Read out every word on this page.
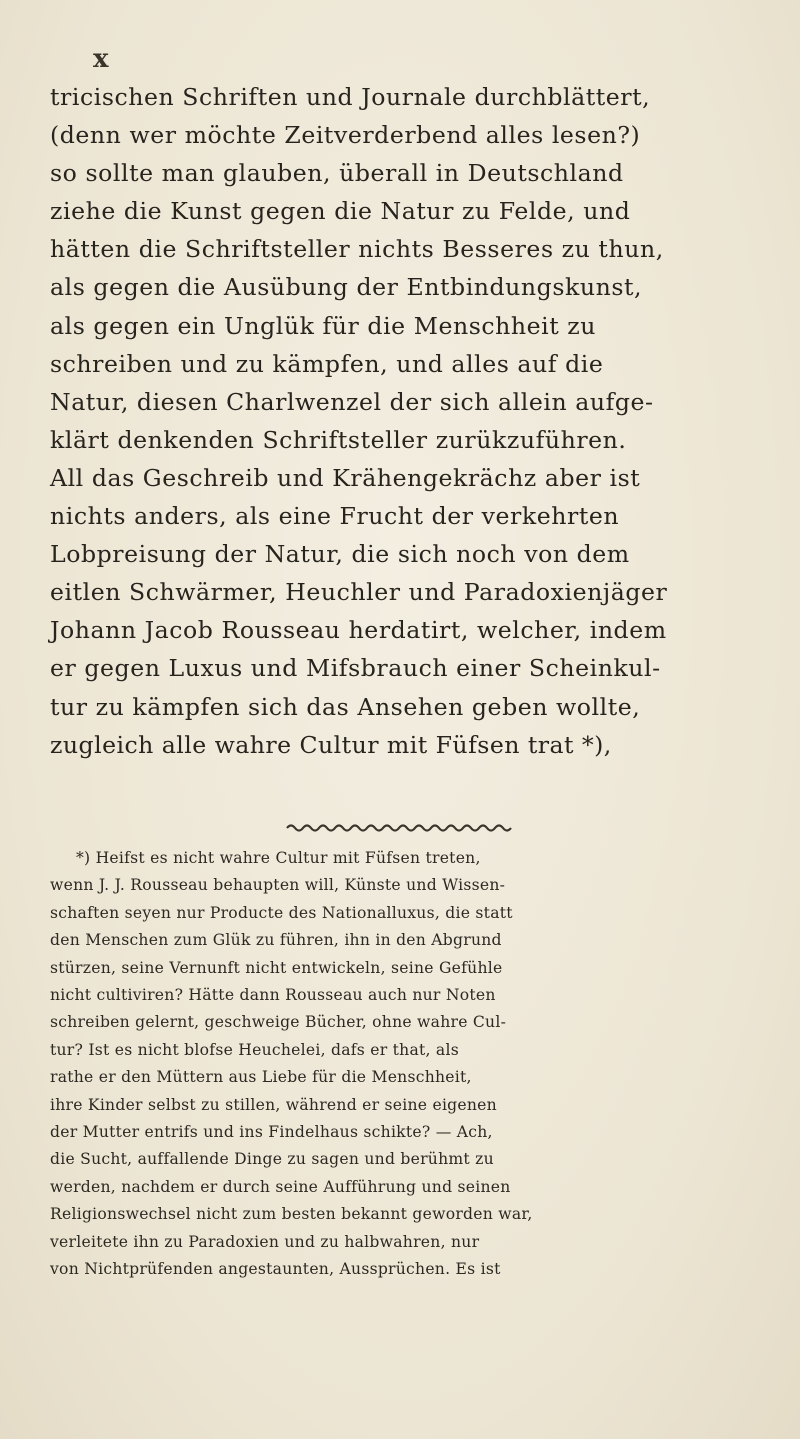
x
tricischen Schriften und Journale durchblättert,
(denn wer möchte Zeitverderbend alles lesen?)
so sollte man glauben, überall in Deutschland
ziehe die Kunst gegen die Natur zu Felde, und
hätten die Schriftsteller nichts Besseres zu thun,
als gegen die Ausübung der Entbindungskunst,
als gegen ein Unglük für die Menschheit zu
schreiben und zu kämpfen, und alles auf die
Natur, diesen Charlwenzel der sich allein aufge-
klärt denkenden Schriftsteller zurükzuführen.
All das Geschreib und Krähengekrächz aber ist
nichts anders, als eine Frucht der verkehrten
Lobpreisung der Natur, die sich noch von dem
eitlen Schwärmer, Heuchler und Paradoxienjäger
Johann Jacob Rousseau herdatirt, welcher, indem
er gegen Luxus und Mifsbrauch einer Scheinkul-
tur zu kämpfen sich das Ansehen geben wollte,
zugleich alle wahre Cultur mit Füfsen trat *),
*) Heifst es nicht wahre Cultur mit Füfsen treten,
wenn J. J. Rousseau behaupten will, Künste und Wissen-
schaften seyen nur Producte des Nationalluxus, die statt
den Menschen zum Glük zu führen, ihn in den Abgrund
stürzen, seine Vernunft nicht entwickeln, seine Gefühle
nicht cultiviren? Hätte dann Rousseau auch nur Noten
schreiben gelernt, geschweige Bücher, ohne wahre Cul-
tur? Ist es nicht blofse Heuchelei, dafs er that, als
rathe er den Müttern aus Liebe für die Menschheit,
ihre Kinder selbst zu stillen, während er seine eigenen
der Mutter entrifs und ins Findelhaus schikte? — Ach,
die Sucht, auffallende Dinge zu sagen und berühmt zu
werden, nachdem er durch seine Aufführung und seinen
Religionswechsel nicht zum besten bekannt geworden war,
verleitete ihn zu Paradoxien und zu halbwahren, nur
von Nichtprüfenden angestaunten, Aussprüchen. Es ist
